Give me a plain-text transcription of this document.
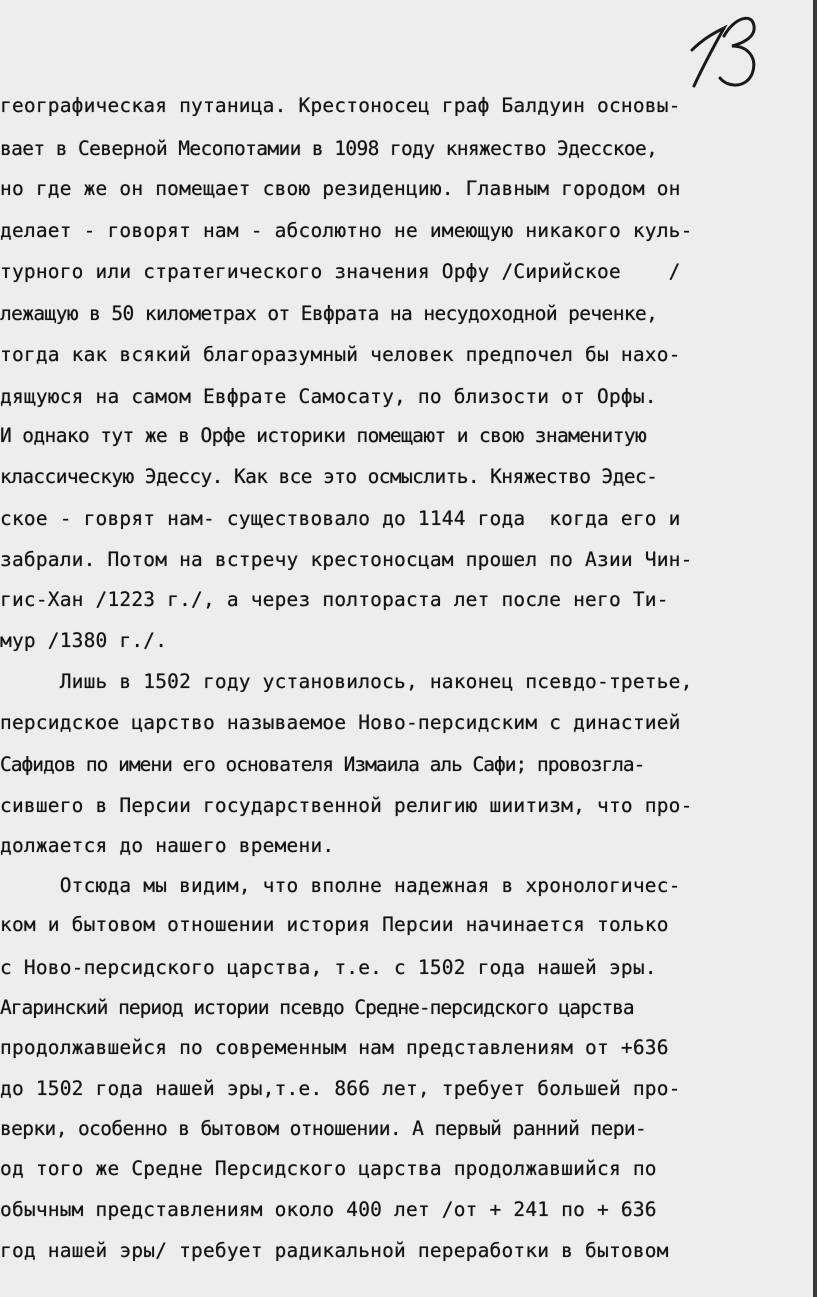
географическая путаница. Крестоносец граф Балдуин основы-

вает в Северной Месопотамии в 1098 году княжество Эдесское,

но где же он помещает свою резиденцию. Главным городом он

делает - говорят нам - абсолютно не имеющую никакого куль-

турного или стратегического значения Орфу /Сирийское    /

лежащую в 50 километрах от Евфрата на несудоходной реченке,

тогда как всякий благоразумный человек предпочел бы нахо-

дящуюся на самом Евфрате Самосату, по близости от Орфы.

И однако тут же в Орфе историки помещают и свою знаменитую

классическую Эдессу. Как все это осмыслить. Княжество Эдес-

ское - говрят нам- существовало до 1144 года  когда его и

забрали. Потом на встречу крестоносцам прошел по Азии Чин-

гис-Хан /1223 г./, а через полтораста лет после него Ти-

мур /1380 г./.

Лишь в 1502 году установилось, наконец псевдо-третье,

персидское царство называемое Ново-персидским с династией

Сафидов по имени его основателя Измаила аль Сафи; провозгла-

сившего в Персии государственной религию шиитизм, что про-

должается до нашего времени.

Отсюда мы видим, что вполне надежная в хронологичес-

ком и бытовом отношении история Персии начинается только

с Ново-персидского царства, т.е. с 1502 года нашей эры.

Агаринский период истории псевдо Средне-персидского царства

продолжавшейся по современным нам представлениям от +636

до 1502 года нашей эры,т.е. 866 лет, требует большей про-

верки, особенно в бытовом отношении. А первый ранний пери-

од того же Средне Персидского царства продолжавшийся по

обычным представлениям около 400 лет /от + 241 по + 636

год нашей эры/ требует радикальной переработки в бытовом
